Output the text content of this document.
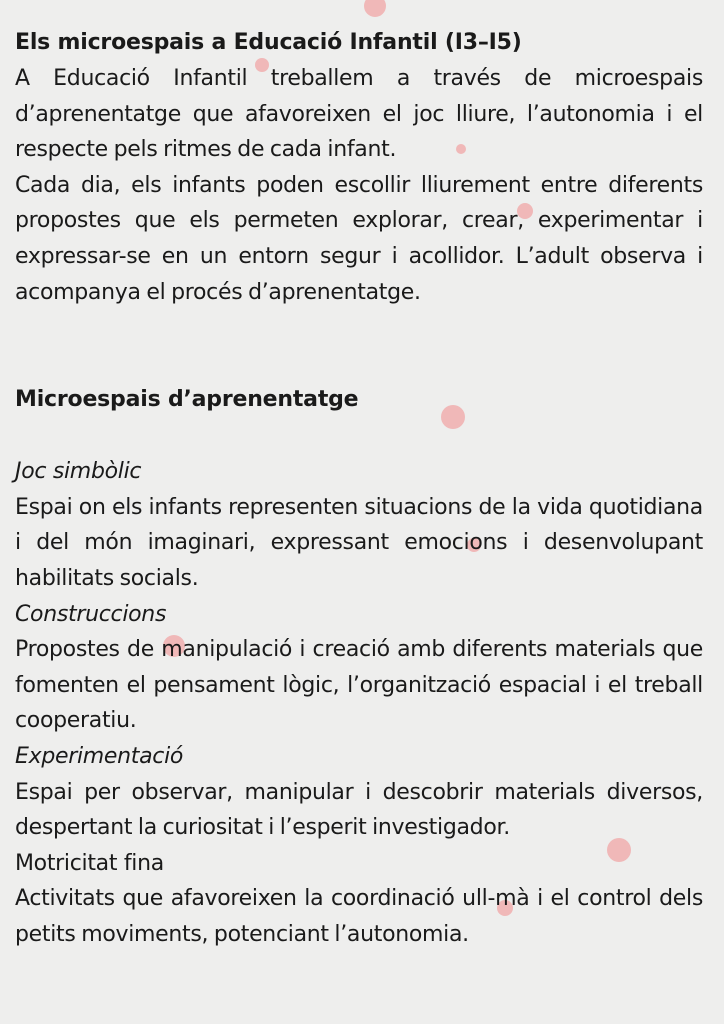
Els microespais a Educació Infantil (I3–I5)

A Educació Infantil treballem a través de microespais d’aprenentatge que afavoreixen el joc lliure, l’autonomia i el respecte pels ritmes de cada infant.

Cada dia, els infants poden escollir lliurement entre diferents propostes que els permeten explorar, crear, experimentar i expressar-se en un entorn segur i acollidor. L’adult observa i acompanya el procés d’aprenentatge.

Microespais d’aprenentatge

Joc simbòlic

Espai on els infants representen situacions de la vida quotidiana i del món imaginari, expressant emocions i desenvolupant habilitats socials.

Construccions

Propostes de manipulació i creació amb diferents materials que fomenten el pensament lògic, l’organització espacial i el treball cooperatiu.

Experimentació

Espai per observar, manipular i descobrir materials diversos, despertant la curiositat i l’esperit investigador.

Motricitat fina

Activitats que afavoreixen la coordinació ull-mà i el control dels petits moviments, potenciant l’autonomia.
